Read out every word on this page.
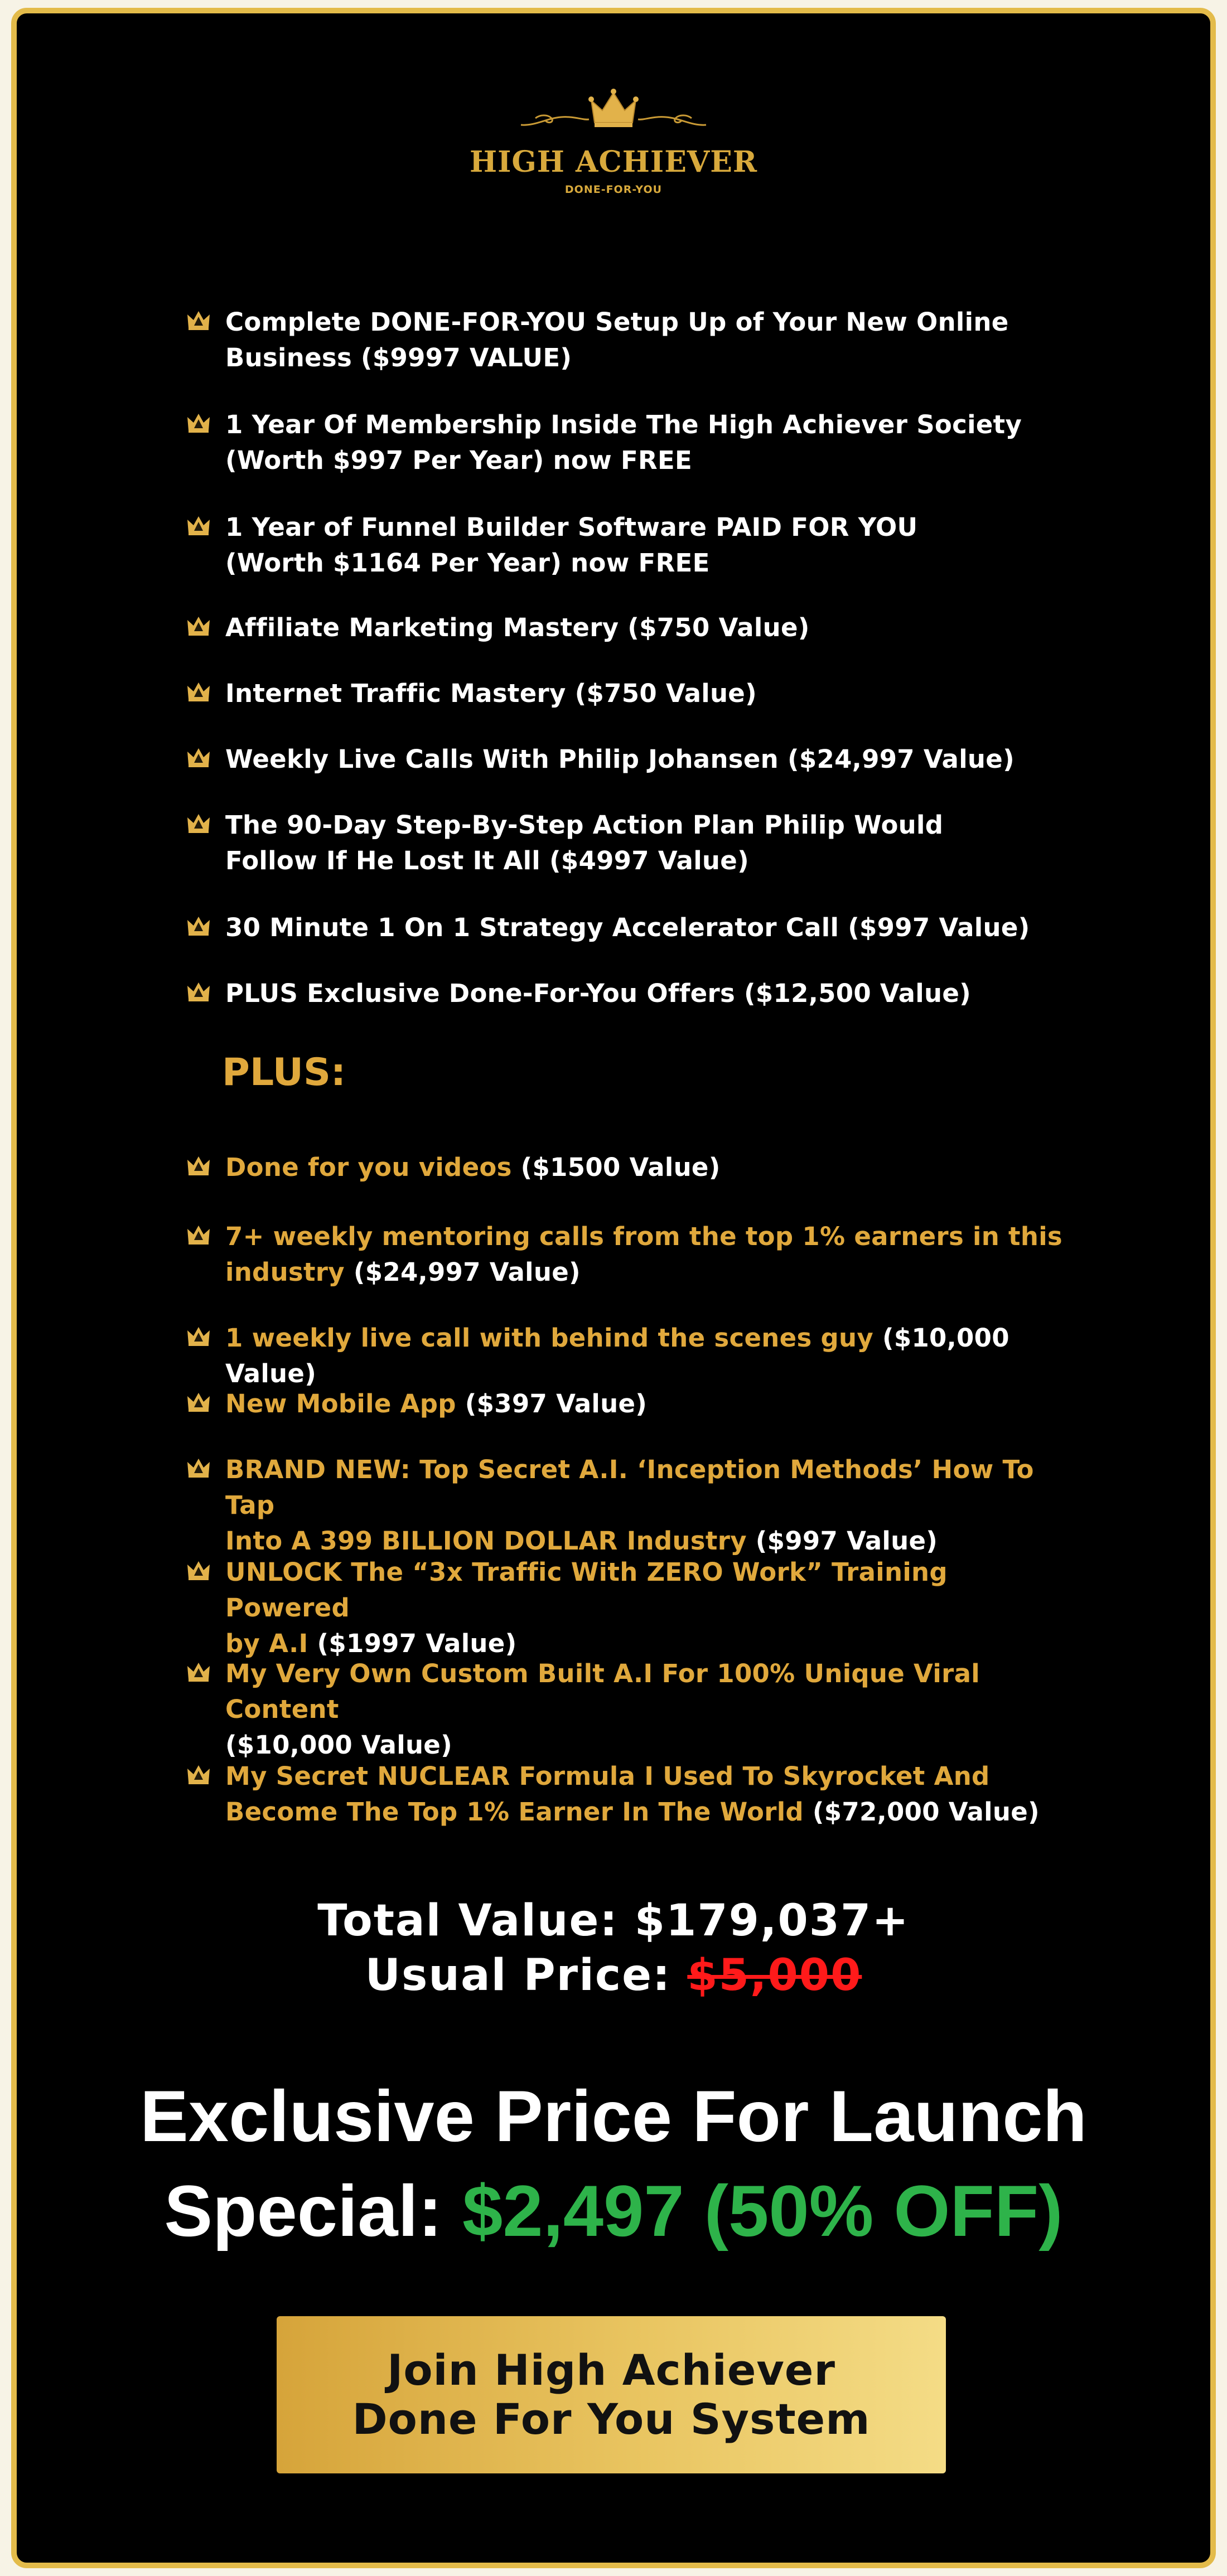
HIGH ACHIEVER
DONE-FOR-YOU
Complete DONE-FOR-YOU Setup Up of Your New Online
Business ($9997 VALUE)
1 Year Of Membership Inside The High Achiever Society
(Worth $997 Per Year) now FREE
1 Year of Funnel Builder Software PAID FOR YOU
(Worth $1164 Per Year) now FREE
Affiliate Marketing Mastery ($750 Value)
Internet Traffic Mastery ($750 Value)
Weekly Live Calls With Philip Johansen ($24,997 Value)
The 90-Day Step-By-Step Action Plan Philip Would
Follow If He Lost It All ($4997 Value)
30 Minute 1 On 1 Strategy Accelerator Call ($997 Value)
PLUS Exclusive Done-For-You Offers ($12,500 Value)
PLUS:
Done for you videos ($1500 Value)
7+ weekly mentoring calls from the top 1% earners in this
industry ($24,997 Value)
1 weekly live call with behind the scenes guy ($10,000 Value)
New Mobile App ($397 Value)
BRAND NEW: Top Secret A.I. ‘Inception Methods’ How To Tap
Into A 399 BILLION DOLLAR Industry ($997 Value)
UNLOCK The “3x Traffic With ZERO Work” Training Powered
by A.I ($1997 Value)
My Very Own Custom Built A.I For 100% Unique Viral Content
($10,000 Value)
My Secret NUCLEAR Formula I Used To Skyrocket And
Become The Top 1% Earner In The World ($72,000 Value)
Total Value: $179,037+
Usual Price: $5,000
Exclusive Price For Launch
Special: $2,497 (50% OFF)
Join High Achiever
Done For You System
